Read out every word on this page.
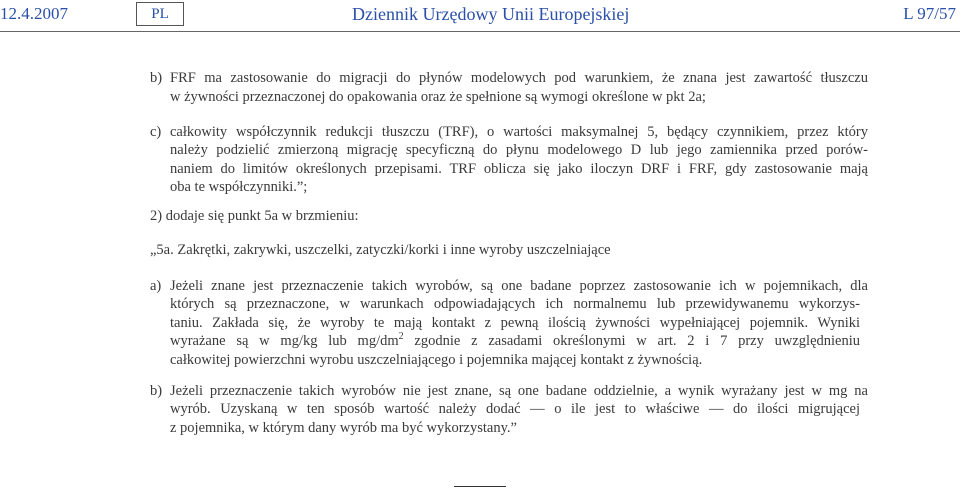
12.4.2007	PL	Dziennik Urzędowy Unii Europejskiej	L 97/57
b) FRF ma zastosowanie do migracji do płynów modelowych pod warunkiem, że znana jest zawartość tłuszczu
w żywności przeznaczonej do opakowania oraz że spełnione są wymogi określone w pkt 2a;
c) całkowity współczynnik redukcji tłuszczu (TRF), o wartości maksymalnej 5, będący czynnikiem, przez który
należy podzielić zmierzoną migrację specyficzną do płynu modelowego D lub jego zamiennika przed porów-
naniem do limitów określonych przepisami. TRF oblicza się jako iloczyn DRF i FRF, gdy zastosowanie mają
oba te współczynniki.”;
2) dodaje się punkt 5a w brzmieniu:
„5a. Zakrętki, zakrywki, uszczelki, zatyczki/korki i inne wyroby uszczelniające
a) Jeżeli znane jest przeznaczenie takich wyrobów, są one badane poprzez zastosowanie ich w pojemnikach, dla
których są przeznaczone, w warunkach odpowiadających ich normalnemu lub przewidywanemu wykorzys-
taniu. Zakłada się, że wyroby te mają kontakt z pewną ilością żywności wypełniającej pojemnik. Wyniki
wyrażane są w mg/kg lub $mg/dm^2$ zgodnie z zasadami określonymi w art. 2 i 7 przy uwzględnieniu
całkowitej powierzchni wyrobu uszczelniającego i pojemnika mającej kontakt z żywnością.
b) Jeżeli przeznaczenie takich wyrobów nie jest znane, są one badane oddzielnie, a wynik wyrażany jest w mg na
wyrób. Uzyskaną w ten sposób wartość należy dodać — o ile jest to właściwe — do ilości migrującej
z pojemnika, w którym dany wyrób ma być wykorzystany.”
